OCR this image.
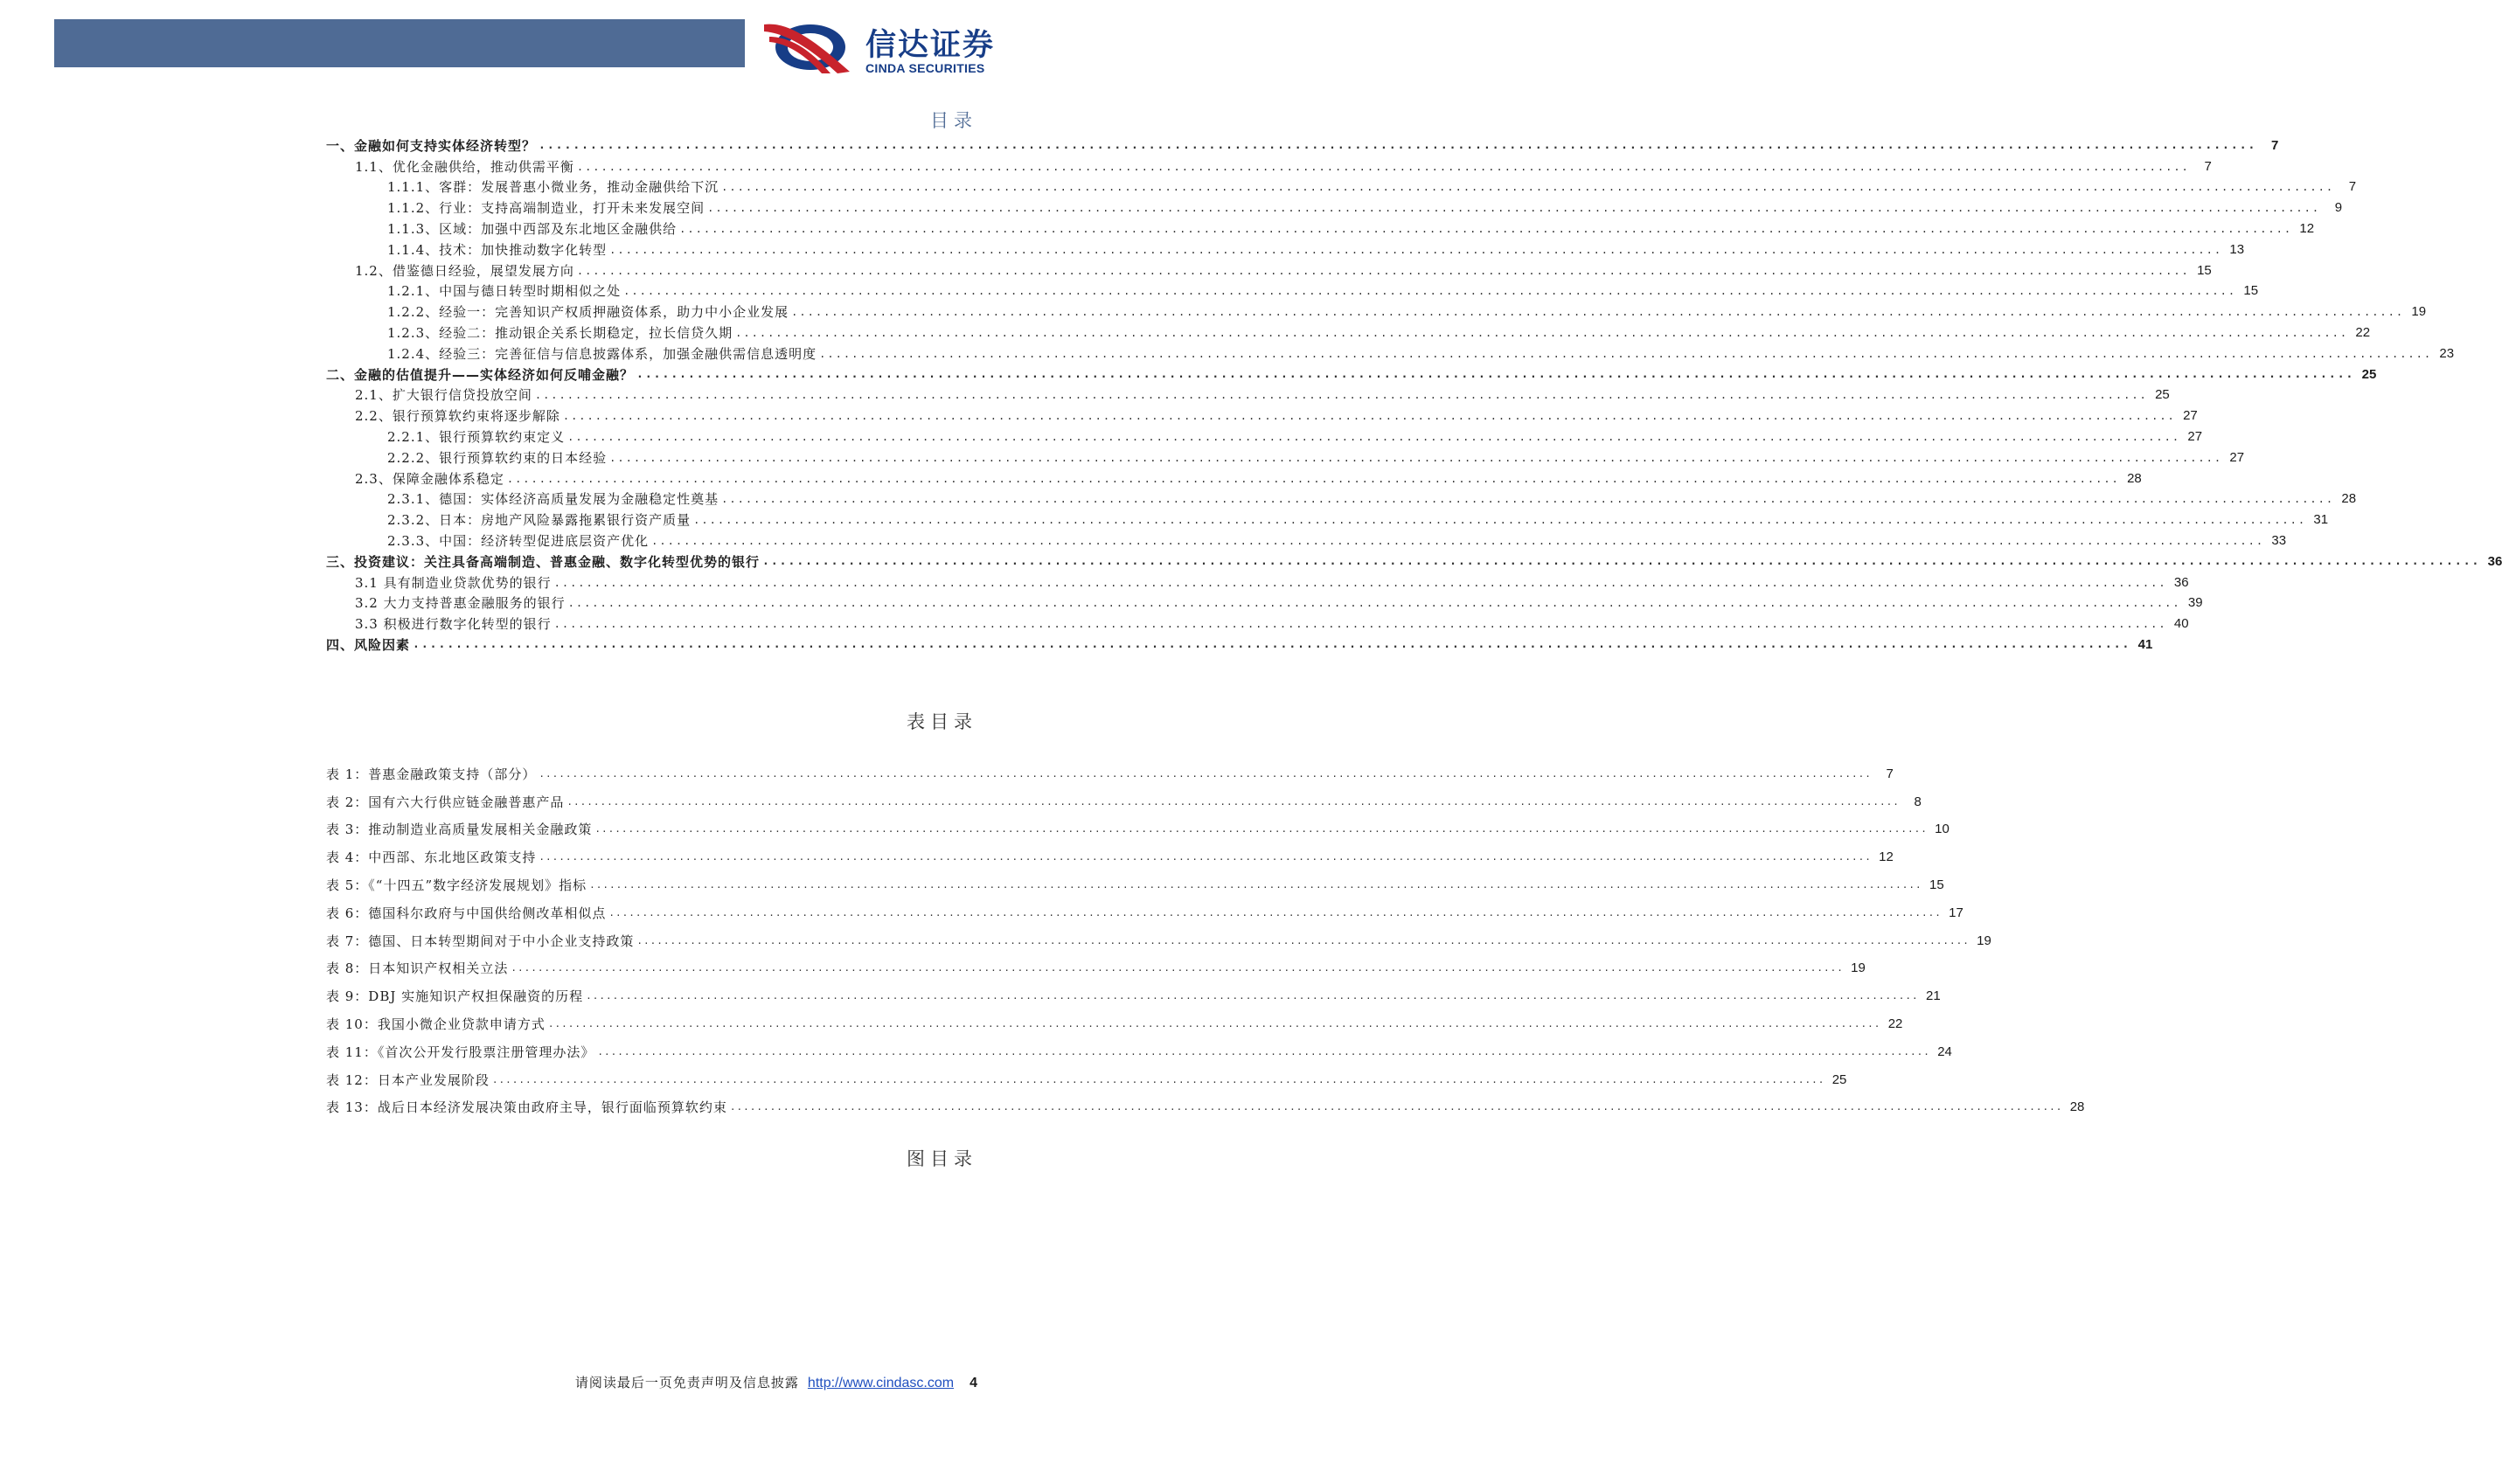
信达证券
CINDA SECURITIES
目录
一、金融如何支持实体经济转型？ ........................................................................................................................................................................................................	7
1.1、优化金融供给，推动供需平衡 ........................................................................................................................................................................................................	7
1.1.1、客群：发展普惠小微业务，推动金融供给下沉 ........................................................................................................................................................................................................	7
1.1.2、行业：支持高端制造业，打开未来发展空间 ........................................................................................................................................................................................................	9
1.1.3、区域：加强中西部及东北地区金融供给 ........................................................................................................................................................................................................ 12
1.1.4、技术：加快推动数字化转型 ........................................................................................................................................................................................................ 13
1.2、借鉴德日经验，展望发展方向 ........................................................................................................................................................................................................ 15
1.2.1、中国与德日转型时期相似之处 ........................................................................................................................................................................................................ 15
1.2.2、经验一：完善知识产权质押融资体系，助力中小企业发展 ........................................................................................................................................................................................................ 19
1.2.3、经验二：推动银企关系长期稳定，拉长信贷久期 ........................................................................................................................................................................................................ 22
1.2.4、经验三：完善征信与信息披露体系，加强金融供需信息透明度 ........................................................................................................................................................................................................ 23
二、金融的估值提升——实体经济如何反哺金融？ ........................................................................................................................................................................................................ 25
2.1、扩大银行信贷投放空间 ........................................................................................................................................................................................................ 25
2.2、银行预算软约束将逐步解除 ........................................................................................................................................................................................................ 27
2.2.1、银行预算软约束定义 ........................................................................................................................................................................................................ 27
2.2.2、银行预算软约束的日本经验 ........................................................................................................................................................................................................ 27
2.3、保障金融体系稳定 ........................................................................................................................................................................................................ 28
2.3.1、德国：实体经济高质量发展为金融稳定性奠基 ........................................................................................................................................................................................................ 28
2.3.2、日本：房地产风险暴露拖累银行资产质量 ........................................................................................................................................................................................................ 31
2.3.3、中国：经济转型促进底层资产优化 ........................................................................................................................................................................................................ 33
三、投资建议：关注具备高端制造、普惠金融、数字化转型优势的银行 ........................................................................................................................................................................................................ 36
3.1 具有制造业贷款优势的银行 ........................................................................................................................................................................................................ 36
3.2 大力支持普惠金融服务的银行 ........................................................................................................................................................................................................ 39
3.3 积极进行数字化转型的银行 ........................................................................................................................................................................................................ 40
四、风险因素 ........................................................................................................................................................................................................ 41
表目录
表 1：普惠金融政策支持（部分） ........................................................................................................................................................................................................	7
表 2：国有六大行供应链金融普惠产品 ........................................................................................................................................................................................................	8
表 3：推动制造业高质量发展相关金融政策 ........................................................................................................................................................................................................ 10
表 4：中西部、东北地区政策支持 ........................................................................................................................................................................................................ 12
表 5：《“十四五”数字经济发展规划》指标 ........................................................................................................................................................................................................ 15
表 6：德国科尔政府与中国供给侧改革相似点 ........................................................................................................................................................................................................ 17
表 7：德国、日本转型期间对于中小企业支持政策 ........................................................................................................................................................................................................ 19
表 8：日本知识产权相关立法 ........................................................................................................................................................................................................ 19
表 9：DBJ 实施知识产权担保融资的历程 ........................................................................................................................................................................................................ 21
表 10：我国小微企业贷款申请方式 ........................................................................................................................................................................................................ 22
表 11：《首次公开发行股票注册管理办法》 ........................................................................................................................................................................................................ 24
表 12：日本产业发展阶段 ........................................................................................................................................................................................................ 25
表 13：战后日本经济发展决策由政府主导，银行面临预算软约束 ........................................................................................................................................................................................................ 28
图目录
请阅读最后一页免责声明及信息披露 http://www.cindasc.com 4
